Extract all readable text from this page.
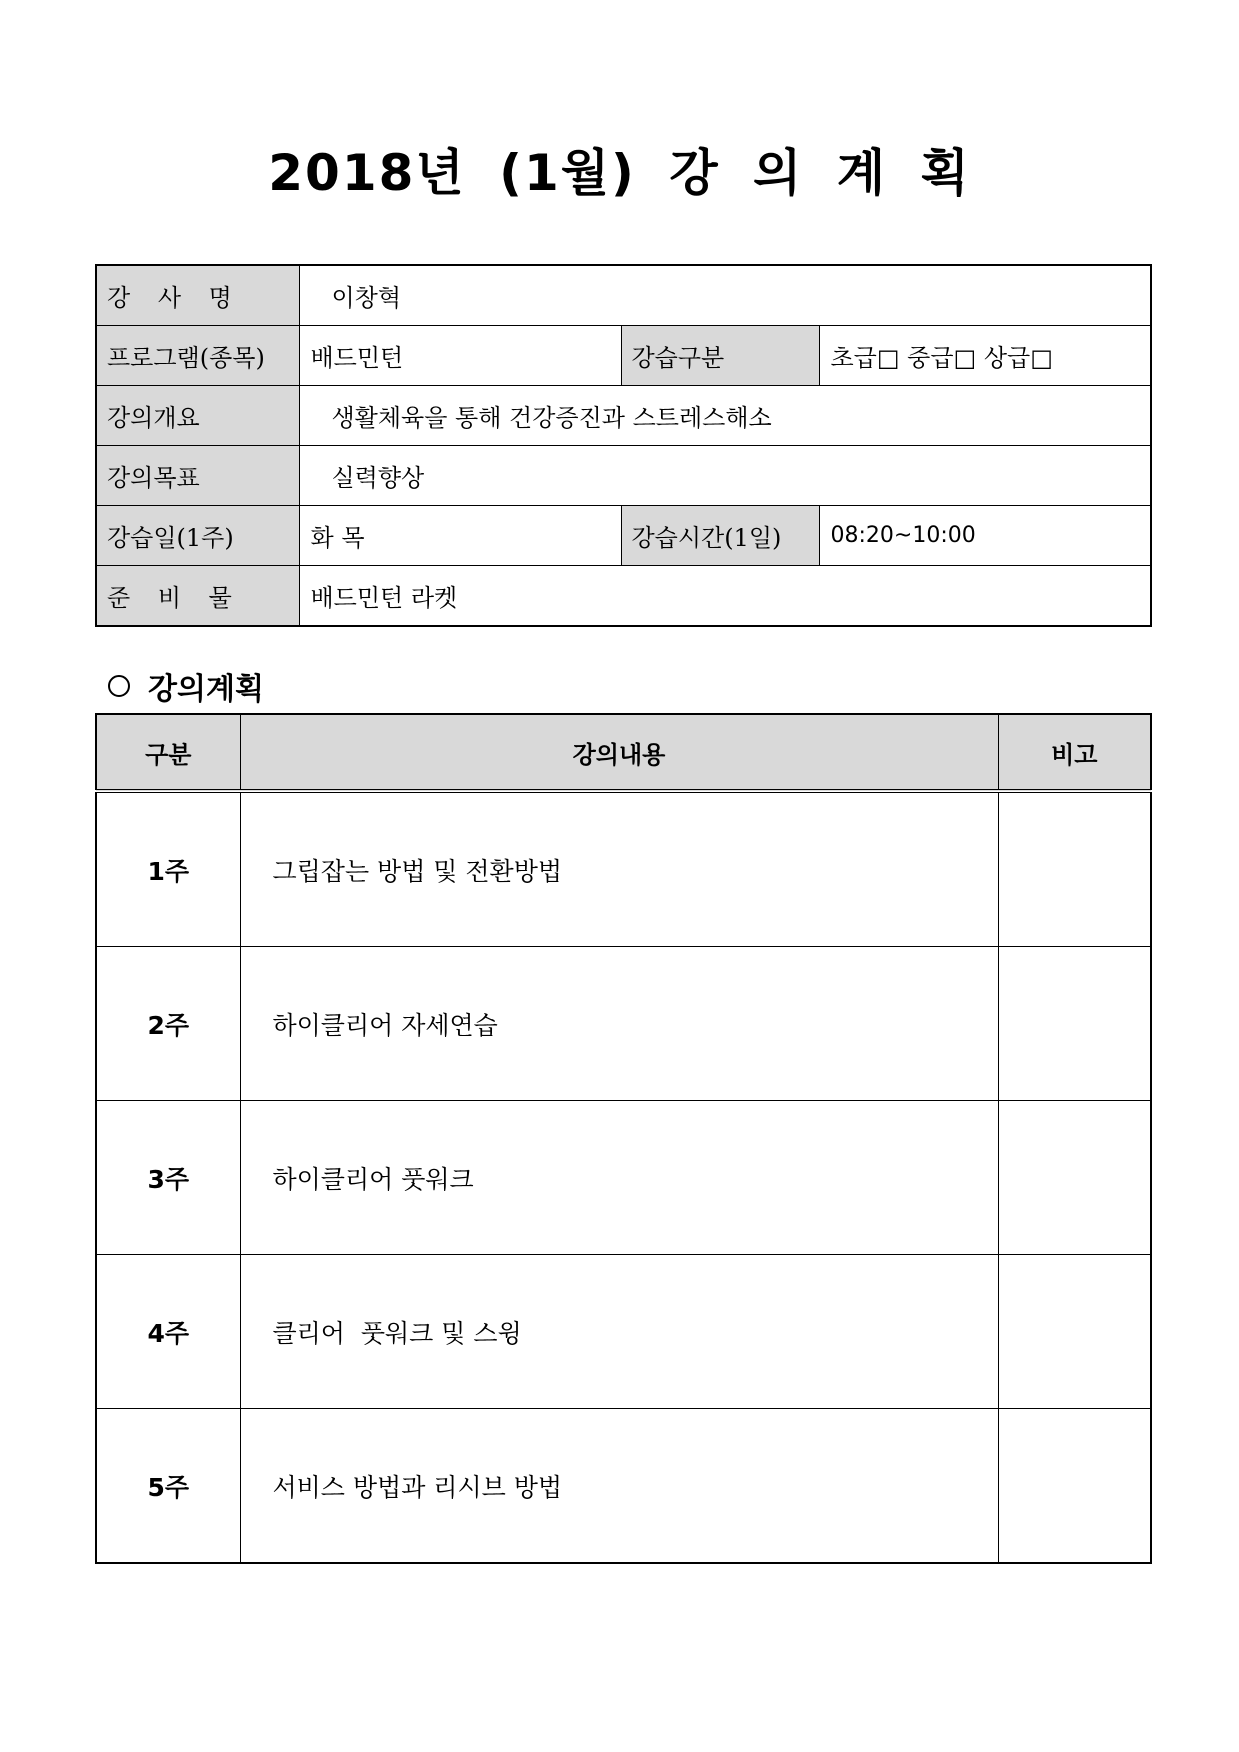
2018년 (1월) 강 의 계 획
강 사 명	이창혁		
프로그램(종목)	배드민턴	강습구분	초급□ 중급□ 상급□
강의개요	생활체육을 통해 건강증진과 스트레스해소		
강의목표	실력향상		
강습일(1주)	화 목	강습시간(1일)	08:20~10:00
준 비 물	배드민턴 라켓		
강의계획
구분	강의내용	비고
1주	그립잡는 방법 및 전환방법	
2주	하이클리어 자세연습	
3주	하이클리어 풋워크	
4주	클리어  풋워크 및 스윙	
5주	서비스 방법과 리시브 방법	
